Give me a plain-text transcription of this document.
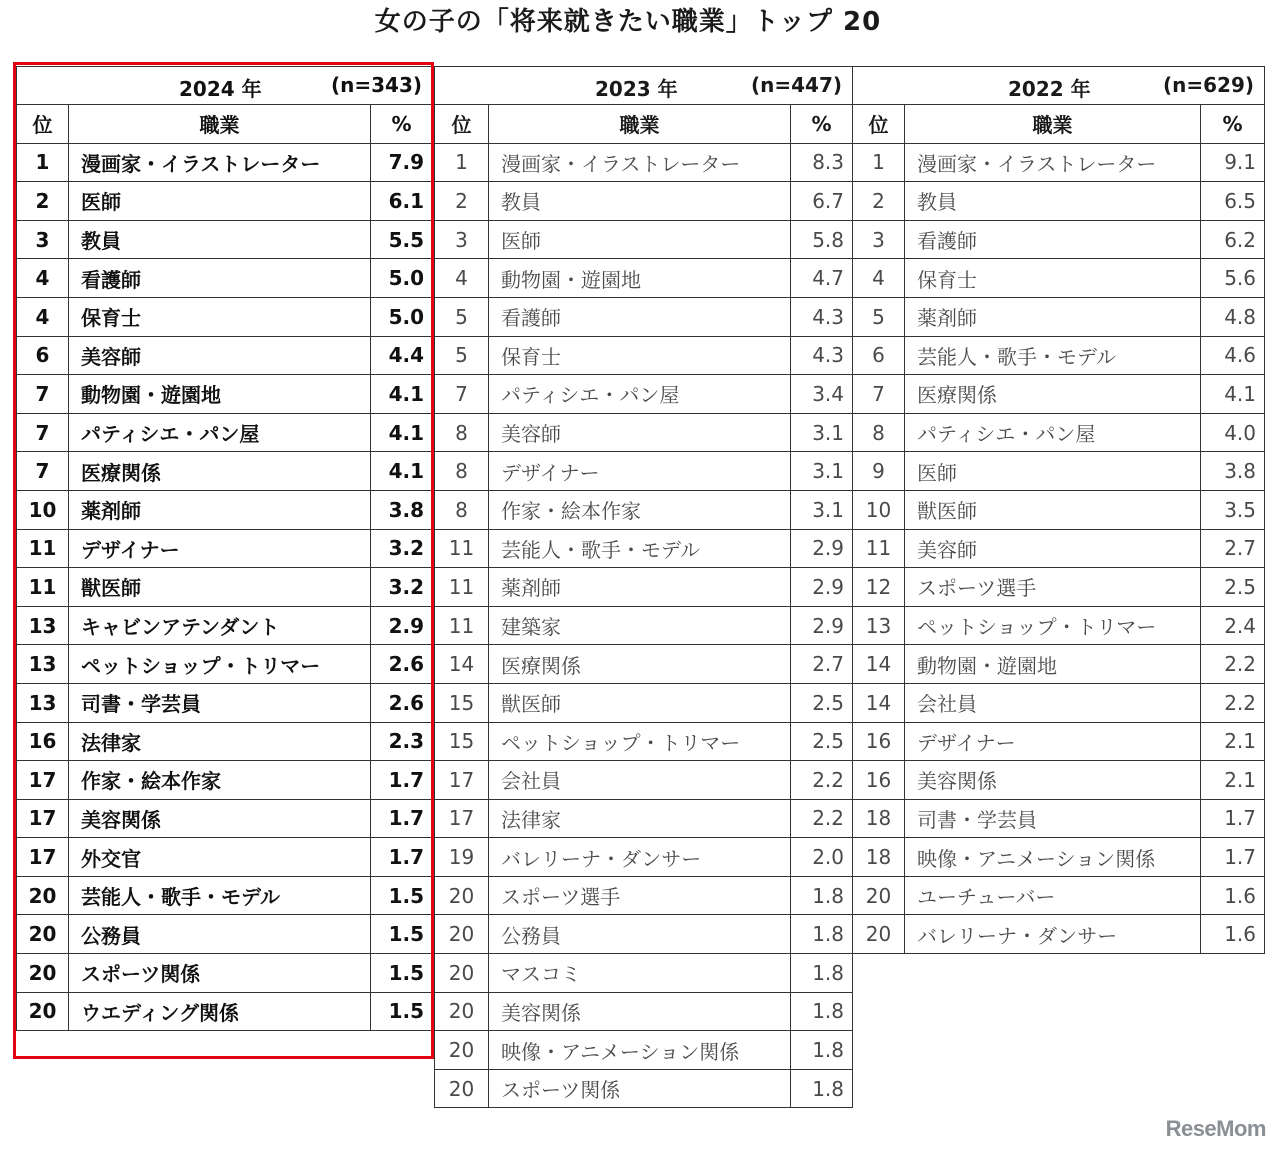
女の子の「将来就きたい職業」トップ 20
2024 年 (n=343)		

位	職業	%
1	漫画家・イラストレーター	7.9
2	医師	6.1
3	教員	5.5
4	看護師	5.0
4	保育士	5.0
6	美容師	4.4
7	動物園・遊園地	4.1
7	パティシエ・パン屋	4.1
7	医療関係	4.1
10	薬剤師	3.8
11	デザイナー	3.2
11	獣医師	3.2
13	キャビンアテンダント	2.9
13	ペットショップ・トリマー	2.6
13	司書・学芸員	2.6
16	法律家	2.3
17	作家・絵本作家	1.7
17	美容関係	1.7
17	外交官	1.7
20	芸能人・歌手・モデル	1.5
20	公務員	1.5
20	スポーツ関係	1.5
20	ウエディング関係	1.5
2023 年 (n=447)		

位	職業	%
1	漫画家・イラストレーター	8.3
2	教員	6.7
3	医師	5.8
4	動物園・遊園地	4.7
5	看護師	4.3
5	保育士	4.3
7	パティシエ・パン屋	3.4
8	美容師	3.1
8	デザイナー	3.1
8	作家・絵本作家	3.1
11	芸能人・歌手・モデル	2.9
11	薬剤師	2.9
11	建築家	2.9
14	医療関係	2.7
15	獣医師	2.5
15	ペットショップ・トリマー	2.5
17	会社員	2.2
17	法律家	2.2
19	バレリーナ・ダンサー	2.0
20	スポーツ選手	1.8
20	公務員	1.8
20	マスコミ	1.8
20	美容関係	1.8
20	映像・アニメーション関係	1.8
20	スポーツ関係	1.8
2022 年 (n=629)		

位	職業	%
1	漫画家・イラストレーター	9.1
2	教員	6.5
3	看護師	6.2
4	保育士	5.6
5	薬剤師	4.8
6	芸能人・歌手・モデル	4.6
7	医療関係	4.1
8	パティシエ・パン屋	4.0
9	医師	3.8
10	獣医師	3.5
11	美容師	2.7
12	スポーツ選手	2.5
13	ペットショップ・トリマー	2.4
14	動物園・遊園地	2.2
14	会社員	2.2
16	デザイナー	2.1
16	美容関係	2.1
18	司書・学芸員	1.7
18	映像・アニメーション関係	1.7
20	ユーチューバー	1.6
20	バレリーナ・ダンサー	1.6
ReseMom
